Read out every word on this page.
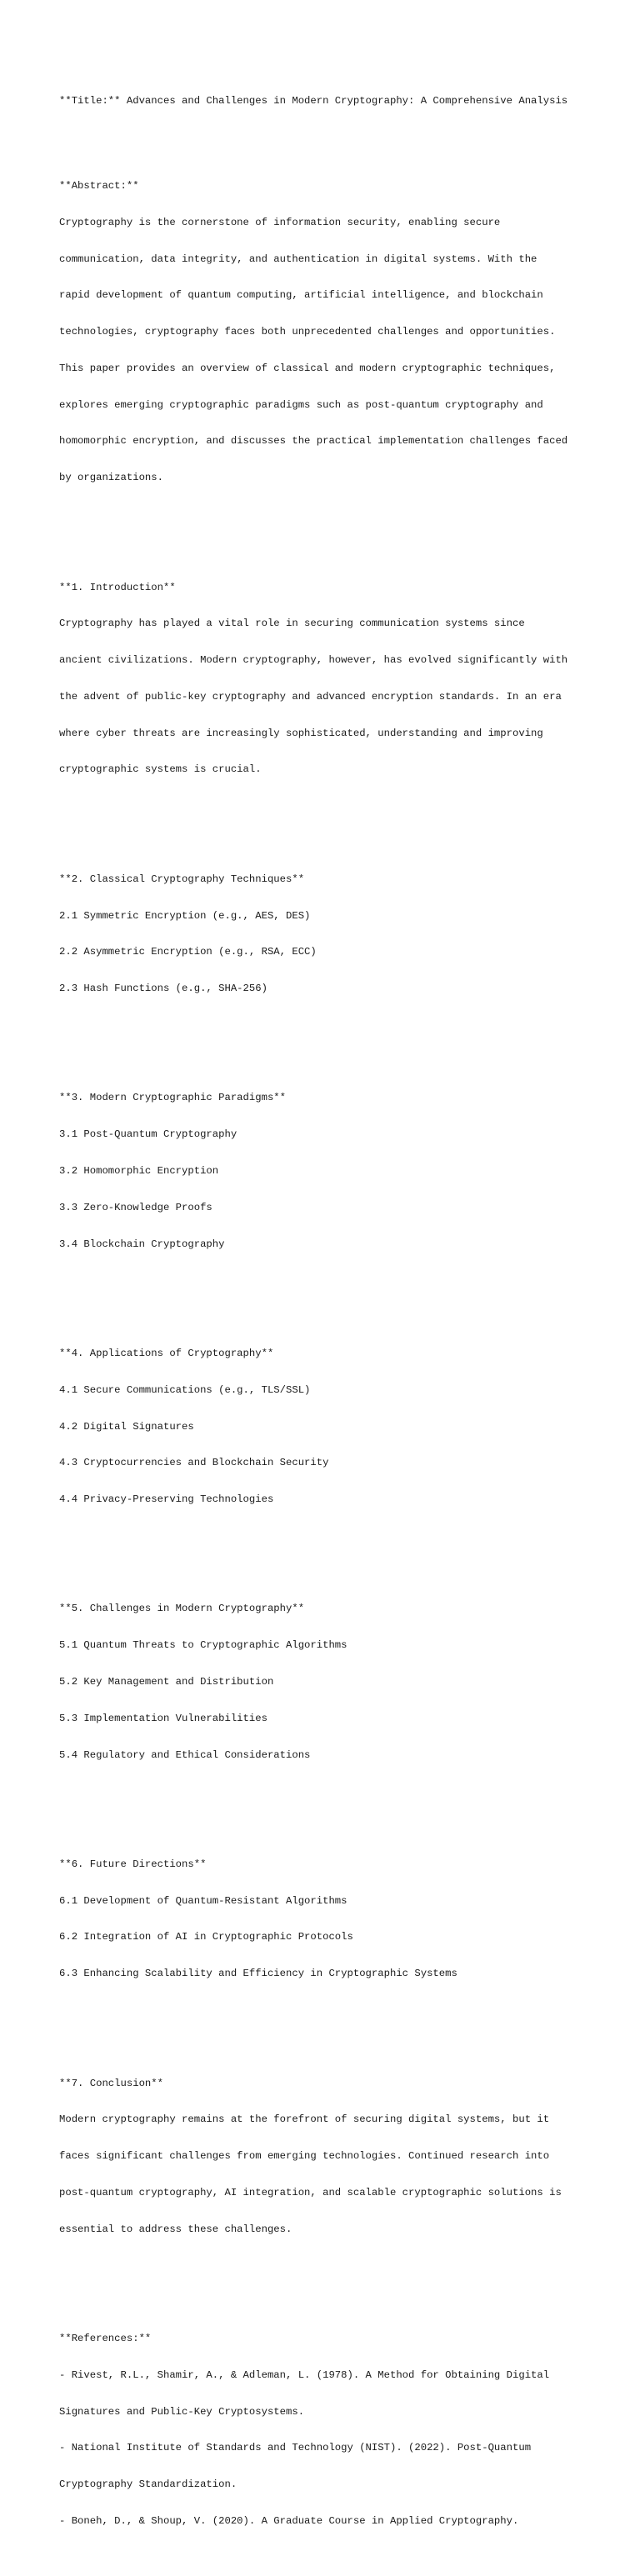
**Title:** Advances and Challenges in Modern Cryptography: A Comprehensive Analysis

**Abstract:**

Cryptography is the cornerstone of information security, enabling secure

communication, data integrity, and authentication in digital systems. With the

rapid development of quantum computing, artificial intelligence, and blockchain

technologies, cryptography faces both unprecedented challenges and opportunities.

This paper provides an overview of classical and modern cryptographic techniques,

explores emerging cryptographic paradigms such as post-quantum cryptography and

homomorphic encryption, and discusses the practical implementation challenges faced

by organizations.

**1. Introduction**

Cryptography has played a vital role in securing communication systems since

ancient civilizations. Modern cryptography, however, has evolved significantly with

the advent of public-key cryptography and advanced encryption standards. In an era

where cyber threats are increasingly sophisticated, understanding and improving

cryptographic systems is crucial.

**2. Classical Cryptography Techniques**

2.1 Symmetric Encryption (e.g., AES, DES)

2.2 Asymmetric Encryption (e.g., RSA, ECC)

2.3 Hash Functions (e.g., SHA-256)

**3. Modern Cryptographic Paradigms**

3.1 Post-Quantum Cryptography

3.2 Homomorphic Encryption

3.3 Zero-Knowledge Proofs

3.4 Blockchain Cryptography

**4. Applications of Cryptography**

4.1 Secure Communications (e.g., TLS/SSL)

4.2 Digital Signatures

4.3 Cryptocurrencies and Blockchain Security

4.4 Privacy-Preserving Technologies

**5. Challenges in Modern Cryptography**

5.1 Quantum Threats to Cryptographic Algorithms

5.2 Key Management and Distribution

5.3 Implementation Vulnerabilities

5.4 Regulatory and Ethical Considerations

**6. Future Directions**

6.1 Development of Quantum-Resistant Algorithms

6.2 Integration of AI in Cryptographic Protocols

6.3 Enhancing Scalability and Efficiency in Cryptographic Systems

**7. Conclusion**

Modern cryptography remains at the forefront of securing digital systems, but it

faces significant challenges from emerging technologies. Continued research into

post-quantum cryptography, AI integration, and scalable cryptographic solutions is

essential to address these challenges.

**References:**

- Rivest, R.L., Shamir, A., & Adleman, L. (1978). A Method for Obtaining Digital

Signatures and Public-Key Cryptosystems.

- National Institute of Standards and Technology (NIST). (2022). Post-Quantum

Cryptography Standardization.

- Boneh, D., & Shoup, V. (2020). A Graduate Course in Applied Cryptography.
